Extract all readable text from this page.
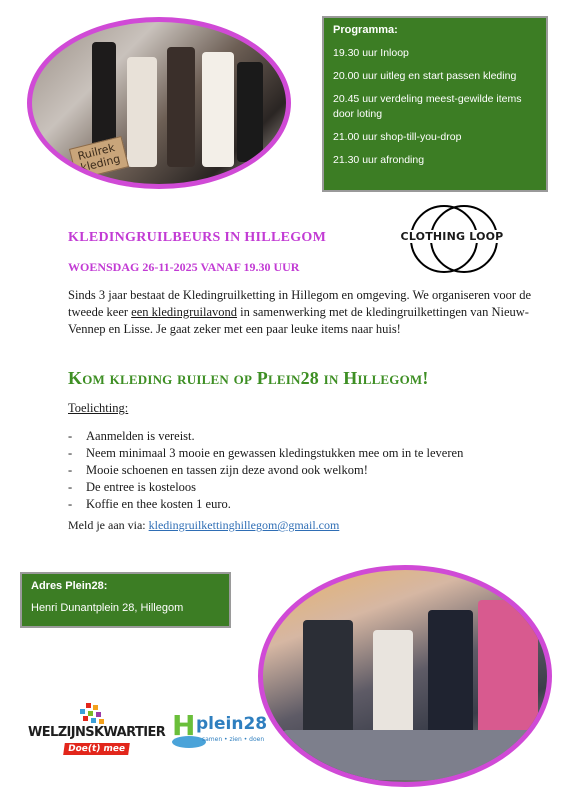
Ruilrek
kleding
Programma:
19.30 uur Inloop
20.00 uur uitleg en start passen kleding
20.45 uur verdeling meest-gewilde items door loting
21.00 uur shop-till-you-drop
21.30 uur afronding
CLOTHING LOOP
KLEDINGRUILBEURS IN HILLEGOM
WOENSDAG 26-11-2025 VANAF 19.30 UUR
Sinds 3 jaar bestaat de Kledingruilketting in Hillegom en omgeving. We organiseren voor de tweede keer een kledingruilavond in samenwerking met de kledingruilkettingen van Nieuw-Vennep en Lisse. Je gaat zeker met een paar leuke items naar huis!
Kom kleding ruilen op Plein28 in Hillegom!
Toelichting:
- Aanmelden is vereist.
- Neem minimaal 3 mooie en gewassen kledingstukken mee om in te leveren
- Mooie schoenen en tassen zijn deze avond ook welkom!
- De entree is kosteloos
- Koffie en thee kosten 1 euro.
Meld je aan via: kledingruilkettinghillegom@gmail.com
Adres Plein28:
Henri Dunantplein 28, Hillegom
WELZIJNSKWARTIER
Doe(t) mee
H plein28
samen • zien • doen
